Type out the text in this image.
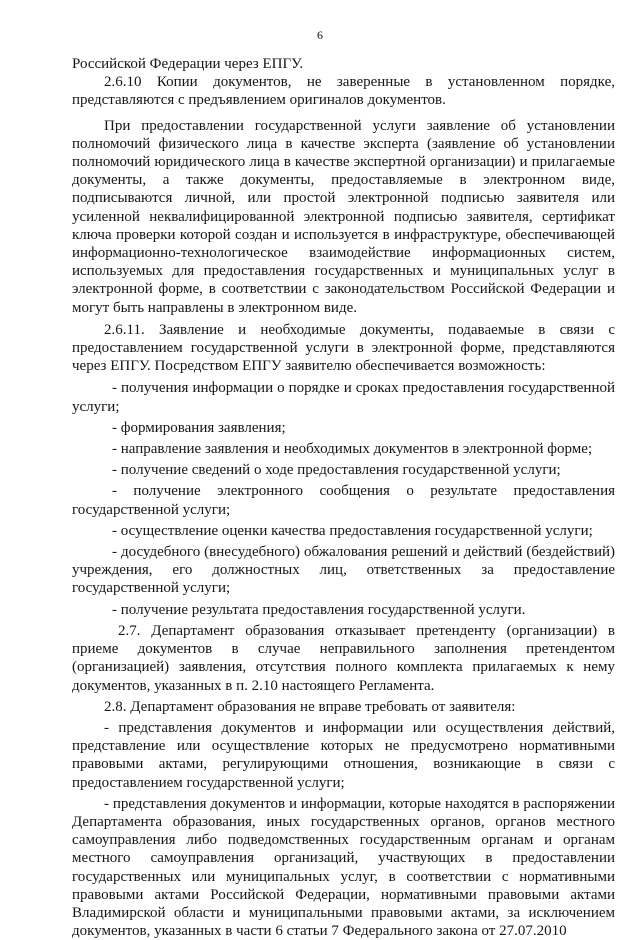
6

Российской Федерации через ЕПГУ.

2.6.10 Копии документов, не заверенные в установленном порядке, представляются с предъявлением оригиналов документов.

При предоставлении государственной услуги заявление об установлении полномочий физического лица в качестве эксперта (заявление об установлении полномочий юридического лица в качестве экспертной организации) и прилагаемые документы, а также документы, предоставляемые в электронном виде, подписываются личной, или простой электронной подписью заявителя или усиленной неквалифицированной электронной подписью заявителя, сертификат ключа проверки которой создан и используется в инфраструктуре, обеспечивающей информационно-технологическое взаимодействие информационных систем, используемых для предоставления государственных и муниципальных услуг в электронной форме, в соответствии с законодательством Российской Федерации и могут быть направлены в электронном виде.

2.6.11. Заявление и необходимые документы, подаваемые в связи с предоставлением государственной услуги в электронной форме, представляются через ЕПГУ. Посредством ЕПГУ заявителю обеспечивается возможность:

- получения информации о порядке и сроках предоставления государственной услуги;

- формирования заявления;

- направление заявления и необходимых документов в электронной форме;

- получение сведений о ходе предоставления государственной услуги;

- получение электронного сообщения о результате предоставления государственной услуги;

- осуществление оценки качества предоставления государственной услуги;

- досудебного (внесудебного) обжалования решений и действий (бездействий) учреждения, его должностных лиц, ответственных за предоставление государственной услуги;

- получение результата предоставления государственной услуги.

2.7. Департамент образования отказывает претенденту (организации) в приеме документов в случае неправильного заполнения претендентом (организацией) заявления, отсутствия полного комплекта прилагаемых к нему документов, указанных в п. 2.10 настоящего Регламента.

2.8. Департамент образования не вправе требовать от заявителя:

- представления документов и информации или осуществления действий, представление или осуществление которых не предусмотрено нормативными правовыми актами, регулирующими отношения, возникающие в связи с предоставлением государственной услуги;

- представления документов и информации, которые находятся в распоряжении Департамента образования, иных государственных органов, органов местного самоуправления либо подведомственных государственным органам и органам местного самоуправления организаций, участвующих в предоставлении государственных или муниципальных услуг, в соответствии с нормативными правовыми актами Российской Федерации, нормативными правовыми актами Владимирской области и муниципальными правовыми актами, за исключением документов, указанных в части 6 статьи 7 Федерального закона от 27.07.2010
